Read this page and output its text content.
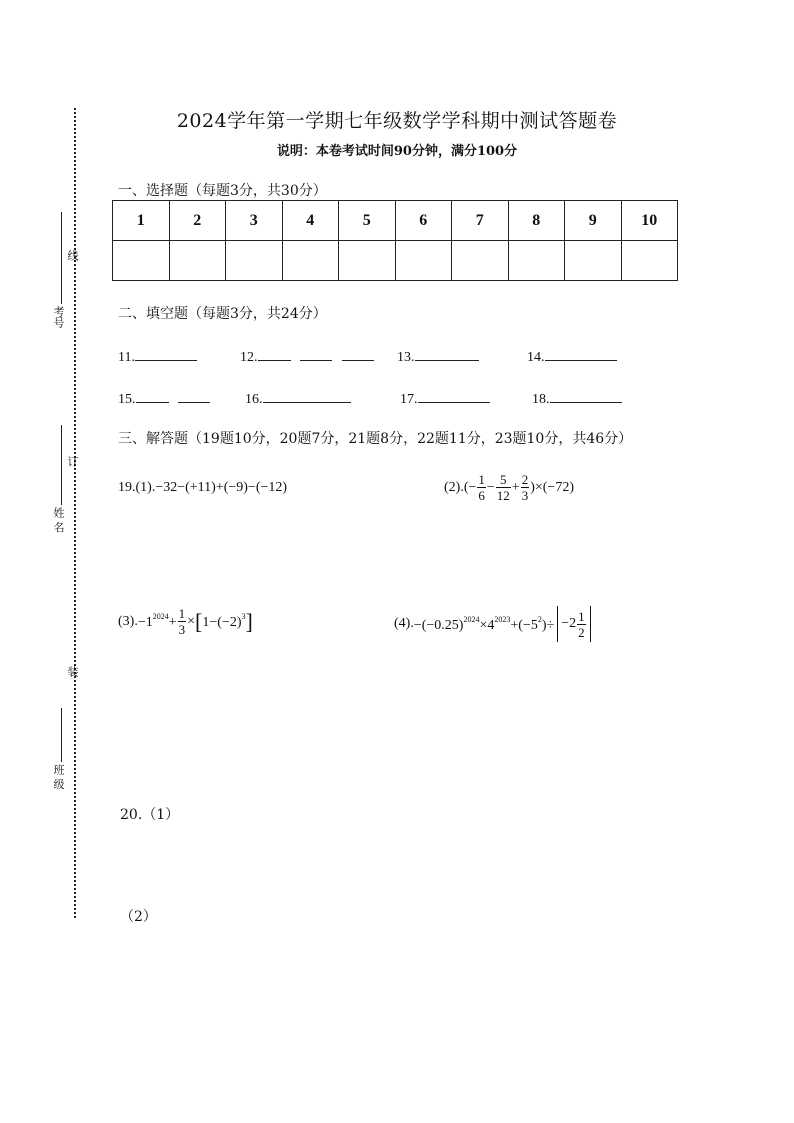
考号
线
姓 名
订
装
班 级
2024学年第一学期七年级数学学科期中测试答题卷
说明：本卷考试时间90分钟，满分100分
一、选择题（每题3分，共30分）
1	2	3	4	5	6	7	8	9	10

二、填空题（每题3分，共24分）
11.	12.	13.	14.
15.	16.	17.	18.
三、解答题（19题10分，20题7分，21题8分，22题11分，23题10分，共46分）
19.(1). −32−(+11)+(−9)−(−12)	(2). (− $\frac{1}{6} - \frac{5}{12} + \frac{2}{3} )\times(-72)$
(3). $-1^{2024}+ \frac{1}{3}$ × [ $1-(-2)^3$ ]	(4). $-(-0.25)^{2024}\times 4^{2023}+(-5^2)\div -2 \frac{1}{2}$
20.（1）
（2）
